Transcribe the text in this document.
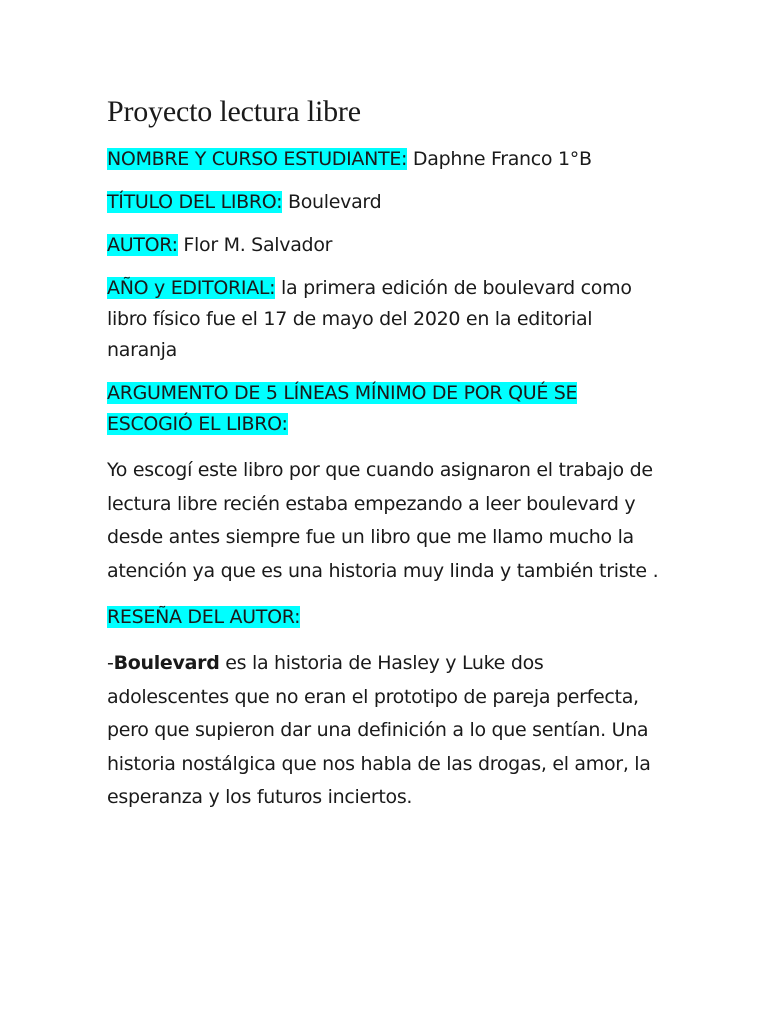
Proyecto lectura libre

NOMBRE Y CURSO ESTUDIANTE: Daphne Franco 1°B

TÍTULO DEL LIBRO: Boulevard

AUTOR: Flor M. Salvador

AÑO y EDITORIAL: la primera edición de boulevard como libro físico fue el 17 de mayo del 2020 en la editorial naranja

ARGUMENTO DE 5 LÍNEAS MÍNIMO DE POR QUÉ SE ESCOGIÓ EL LIBRO:

Yo escogí este libro por que cuando asignaron el trabajo de lectura libre recién estaba empezando a leer boulevard y desde antes siempre fue un libro que me llamo mucho la atención ya que es una historia muy linda y también triste .

RESEÑA DEL AUTOR:

-Boulevard es la historia de Hasley y Luke dos adolescentes que no eran el prototipo de pareja perfecta, pero que supieron dar una definición a lo que sentían. Una historia nostálgica que nos habla de las drogas, el amor, la esperanza y los futuros inciertos.
